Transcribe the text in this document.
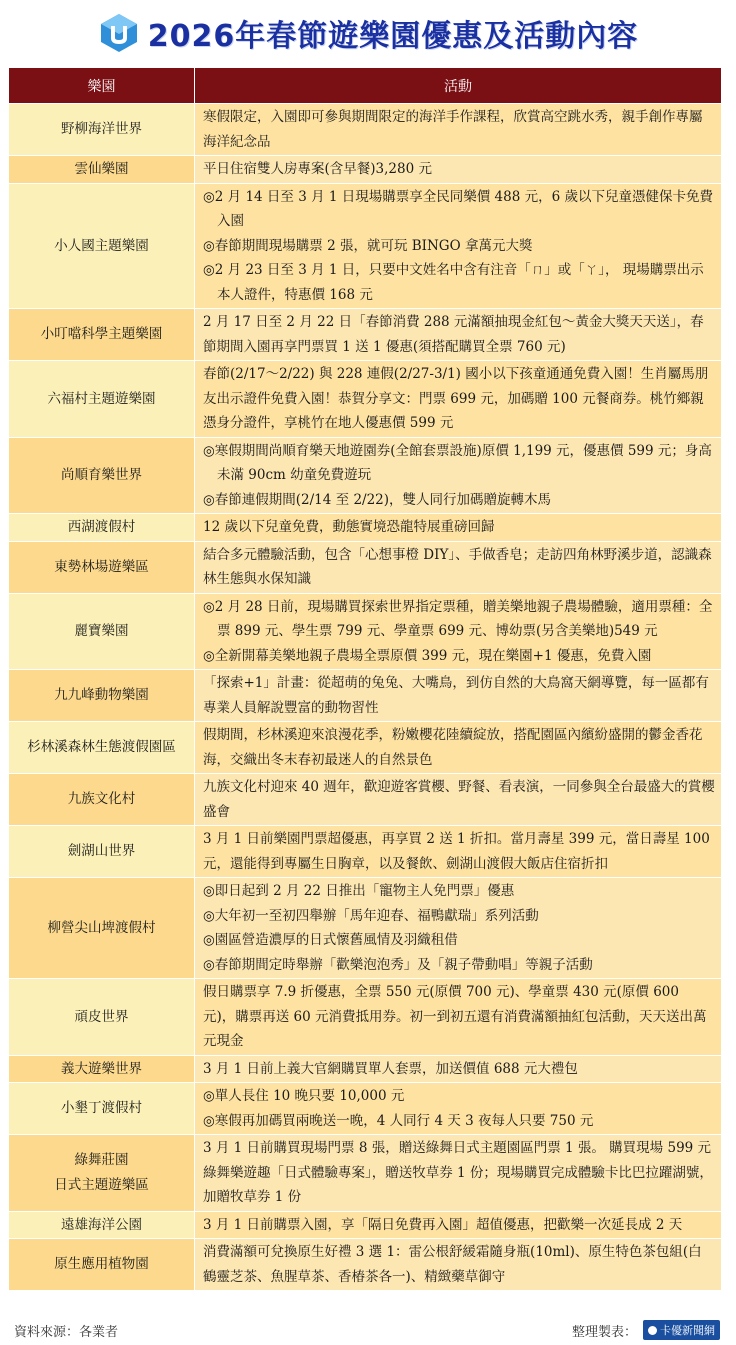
2026年春節遊樂園優惠及活動內容
樂園	活動

野柳海洋世界	寒假限定，入園即可參與期間限定的海洋手作課程，欣賞高空跳水秀，親手創作專屬海洋紀念品

雲仙樂園	平日住宿雙人房專案(含早餐)3,280 元

小人國主題樂園	◎2 月 14 日至 3 月 1 日現場購票享全民同樂價 488 元，6 歲以下兒童憑健保卡免費入園
◎春節期間現場購票 2 張，就可玩 BINGO 拿萬元大獎
◎2 月 23 日至 3 月 1 日，只要中文姓名中含有注音「ㄇ」或「ㄚ」， 現場購票出示本人證件，特惠價 168 元

小叮噹科學主題樂園	2 月 17 日至 2 月 22 日「春節消費 288 元滿額抽現金紅包～黃金大獎天天送」，春節期間入園再享門票買 1 送 1 優惠(須搭配購買全票 760 元)

六福村主題遊樂園	春節(2/17～2/22) 與 228 連假(2/27-3/1) 國小以下孩童通通免費入園！生肖屬馬朋友出示證件免費入園！恭賀分享文：門票 699 元，加碼贈 100 元餐商券。桃竹鄉親憑身分證件，享桃竹在地人優惠價 599 元

尚順育樂世界	◎寒假期間尚順育樂天地遊園券(全館套票設施)原價 1,199 元，優惠價 599 元；身高未滿 90cm 幼童免費遊玩
◎春節連假期間(2/14 至 2/22)，雙人同行加碼贈旋轉木馬

西湖渡假村	12 歲以下兒童免費，動態實境恐龍特展重磅回歸

東勢林場遊樂區	結合多元體驗活動，包含「心想事橙 DIY」、手做香皂；走訪四角林野溪步道，認識森林生態與水保知識

麗寶樂園	◎2 月 28 日前，現場購買探索世界指定票種，贈美樂地親子農場體驗，適用票種：全票 899 元、學生票 799 元、學童票 699 元、博幼票(另含美樂地)549 元
◎全新開幕美樂地親子農場全票原價 399 元，現在樂園+1 優惠，免費入園

九九峰動物樂園	「探索+1」計畫：從超萌的兔兔、大嘴鳥，到仿自然的大鳥窩天網導覽，每一區都有專業人員解說豐富的動物習性

杉林溪森林生態渡假園區	假期間，杉林溪迎來浪漫花季，粉嫩櫻花陸續綻放，搭配園區內繽紛盛開的鬱金香花海，交織出冬末春初最迷人的自然景色

九族文化村	九族文化村迎來 40 週年，歡迎遊客賞櫻、野餐、看表演，一同參與全台最盛大的賞櫻盛會

劍湖山世界	3 月 1 日前樂園門票超優惠，再享買 2 送 1 折扣。當月壽星 399 元，當日壽星 100 元，還能得到專屬生日胸章，以及餐飲、劍湖山渡假大飯店住宿折扣

柳營尖山埤渡假村	◎即日起到 2 月 22 日推出「寵物主人免門票」優惠
◎大年初一至初四舉辦「馬年迎春、福鴨獻瑞」系列活動
◎園區營造濃厚的日式懷舊風情及羽織租借
◎春節期間定時舉辦「歡樂泡泡秀」及「親子帶動唱」等親子活動

頑皮世界	假日購票享 7.9 折優惠，全票 550 元(原價 700 元)、學童票 430 元(原價 600 元)，購票再送 60 元消費抵用券。初一到初五還有消費滿額抽紅包活動，天天送出萬元現金

義大遊樂世界	3 月 1 日前上義大官網購買單人套票，加送價值 688 元大禮包

小墾丁渡假村	◎單人長住 10 晚只要 10,000 元
◎寒假再加碼買兩晚送一晚，4 人同行 4 天 3 夜每人只要 750 元

綠舞莊園
日式主題遊樂區	3 月 1 日前購買現場門票 8 張，贈送綠舞日式主題園區門票 1 張。 購買現場 599 元綠舞樂遊趣「日式體驗專案」，贈送牧草券 1 份；現場購買完成體驗卡比巴拉躍湖號，加贈牧草券 1 份

遠雄海洋公園	3 月 1 日前購票入園，享「隔日免費再入園」超值優惠，把歡樂一次延長成 2 天

原生應用植物園	消費滿額可兌換原生好禮 3 選 1：雷公根舒緩霜隨身瓶(10ml)、原生特色茶包組(白鶴靈芝茶、魚腥草茶、香椿茶各一)、精緻藥草御守
資料來源：各業者	整理製表： 卡優新聞網
